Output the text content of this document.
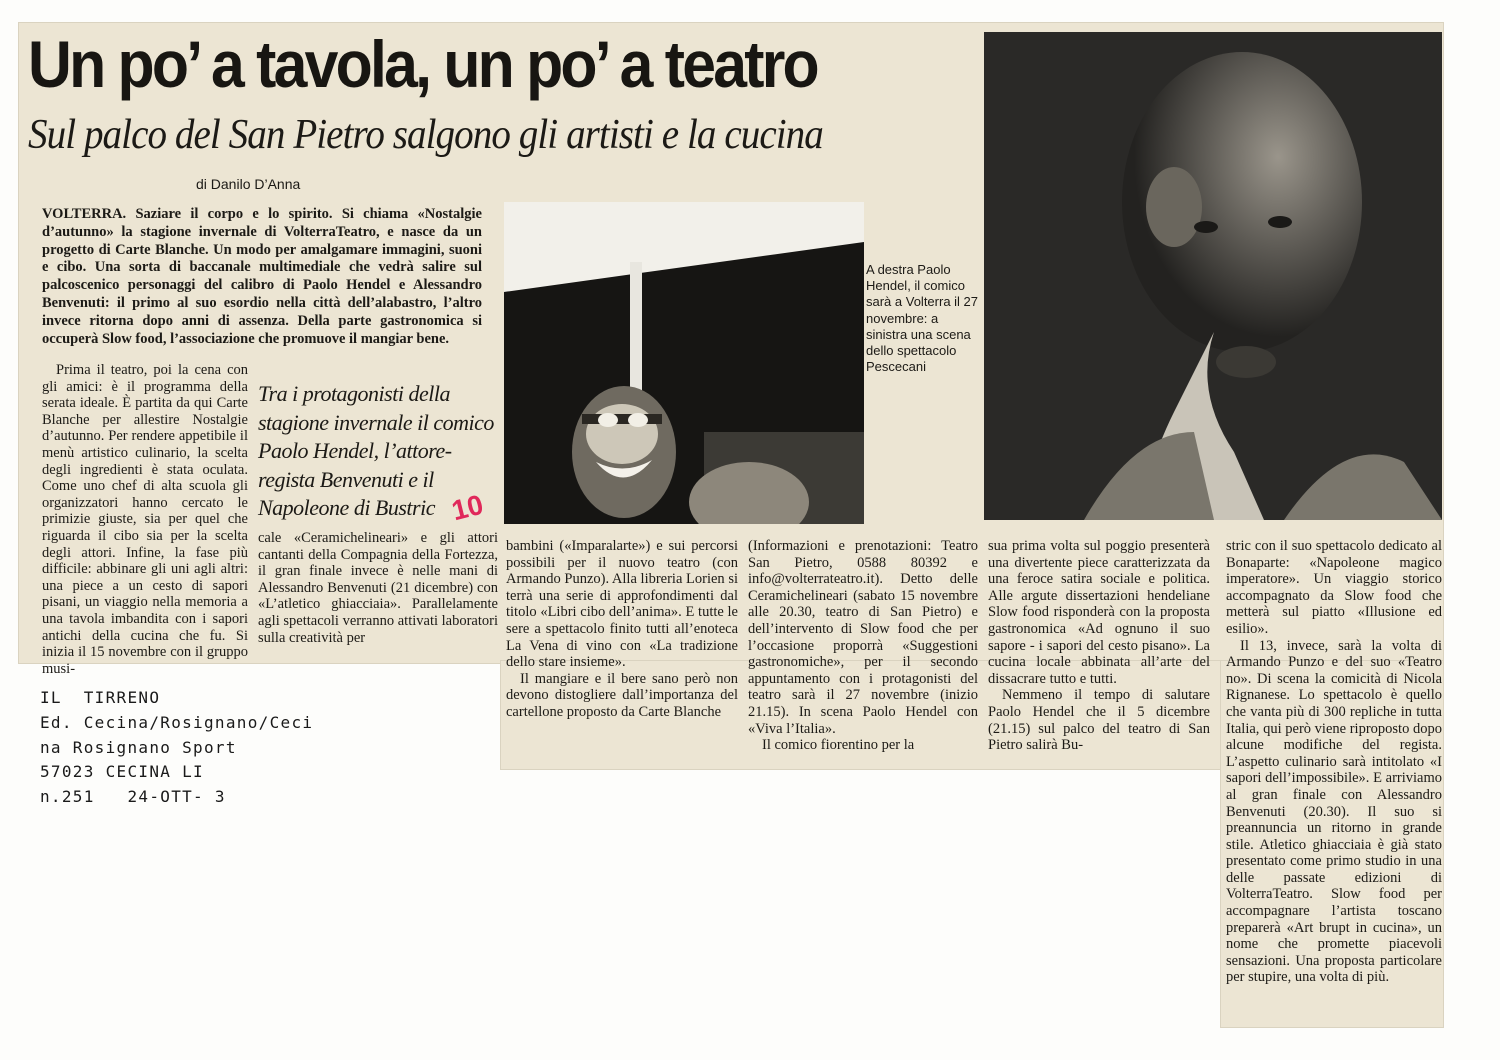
Un po’ a tavola, un po’ a teatro
Sul palco del San Pietro salgono gli artisti e la cucina
di Danilo D’Anna
VOLTERRA. Saziare il corpo e lo spirito. Si chiama «Nostalgie d’autunno» la stagione invernale di VolterraTeatro, e nasce da un progetto di Carte Blanche. Un modo per amalgamare immagini, suoni e cibo. Una sorta di baccanale multimediale che vedrà salire sul palcoscenico personaggi del calibro di Paolo Hendel e Alessandro Benvenuti: il primo al suo esordio nella città dell’alabastro, l’altro invece ritorna dopo anni di assenza. Della parte gastronomica si occuperà Slow food, l’associazione che promuove il mangiar bene.

Prima il teatro, poi la cena con gli amici: è il programma della serata ideale. È partita da qui Carte Blanche per allestire Nostalgie d’autunno. Per rendere appetibile il menù artistico culinario, la scelta degli ingredienti è stata oculata. Come uno chef di alta scuola gli organizzatori hanno cercato le primizie giuste, sia per quel che riguarda il cibo sia per la scelta degli attori. Infine, la fase più difficile: abbinare gli uni agli altri: una piece a un cesto di sapori pisani, un viaggio nella memoria a una tavola imbandita con i sapori antichi della cucina che fu. Si inizia il 15 novembre con il gruppo musi-

Tra i protagonisti della stagione invernale il comico Paolo Hendel, l’attore-regista Benvenuti e il Napoleone di Bustric

cale «Ceramichelineari» e gli attori cantanti della Compagnia della Fortezza, il gran finale invece è nelle mani di Alessandro Benvenuti (21 dicembre) con «L’atletico ghiacciaia». Parallelamente agli spettacoli verranno attivati laboratori sulla creatività per

A destra Paolo Hendel, il comico sarà a Volterra il 27 novembre: a sinistra una scena dello spettacolo Pescecani

bambini («Imparalarte») e sui percorsi possibili per il nuovo teatro (con Armando Punzo). Alla libreria Lorien si terrà una serie di approfondimenti dal titolo «Libri cibo dell’anima». E tutte le sere a spettacolo finito tutti all’enoteca La Vena di vino con «La tradizione dello stare insieme».

Il mangiare e il bere sano però non devono distogliere dall’importanza del cartellone proposto da Carte Blanche

(Informazioni e prenotazioni: Teatro San Pietro, 0588 80392 e info@volterrateatro.it). Detto delle Ceramichelineari (sabato 15 novembre alle 20.30, teatro di San Pietro) e dell’intervento di Slow food che per l’occasione proporrà «Suggestioni gastronomiche», per il secondo appuntamento con i protagonisti del teatro sarà il 27 novembre (inizio 21.15). In scena Paolo Hendel con «Viva l’Italia».

Il comico fiorentino per la

sua prima volta sul poggio presenterà una divertente piece caratterizzata da una feroce satira sociale e politica. Alle argute dissertazioni hendeliane Slow food risponderà con la proposta gastronomica «Ad ognuno il suo sapore - i sapori del cesto pisano». La cucina locale abbinata all’arte del dissacrare tutto e tutti.

Nemmeno il tempo di salutare Paolo Hendel che il 5 dicembre (21.15) sul palco del teatro di San Pietro salirà Bu-

stric con il suo spettacolo dedicato al Bonaparte: «Napoleone magico imperatore». Un viaggio storico accompagnato da Slow food che metterà sul piatto «Illusione ed esilio».

Il 13, invece, sarà la volta di Armando Punzo e del suo «Teatro no». Di scena la comicità di Nicola Rignanese. Lo spettacolo è quello che vanta più di 300 repliche in tutta Italia, qui però viene riproposto dopo alcune modifiche del regista. L’aspetto culinario sarà intitolato «I sapori dell’impossibile». E arriviamo al gran finale con Alessandro Benvenuti (20.30). Il suo si preannuncia un ritorno in grande stile. Atletico ghiacciaia è già stato presentato come primo studio in una delle passate edizioni di VolterraTeatro. Slow food per accompagnare l’artista toscano preparerà «Art brupt in cucina», un nome che promette piacevoli sensazioni. Una proposta particolare per stupire, una volta di più.

10
IL  TIRRENO
Ed. Cecina/Rosignano/Ceci
na Rosignano Sport
57023 CECINA LI
n.251   24-OTT- 3
